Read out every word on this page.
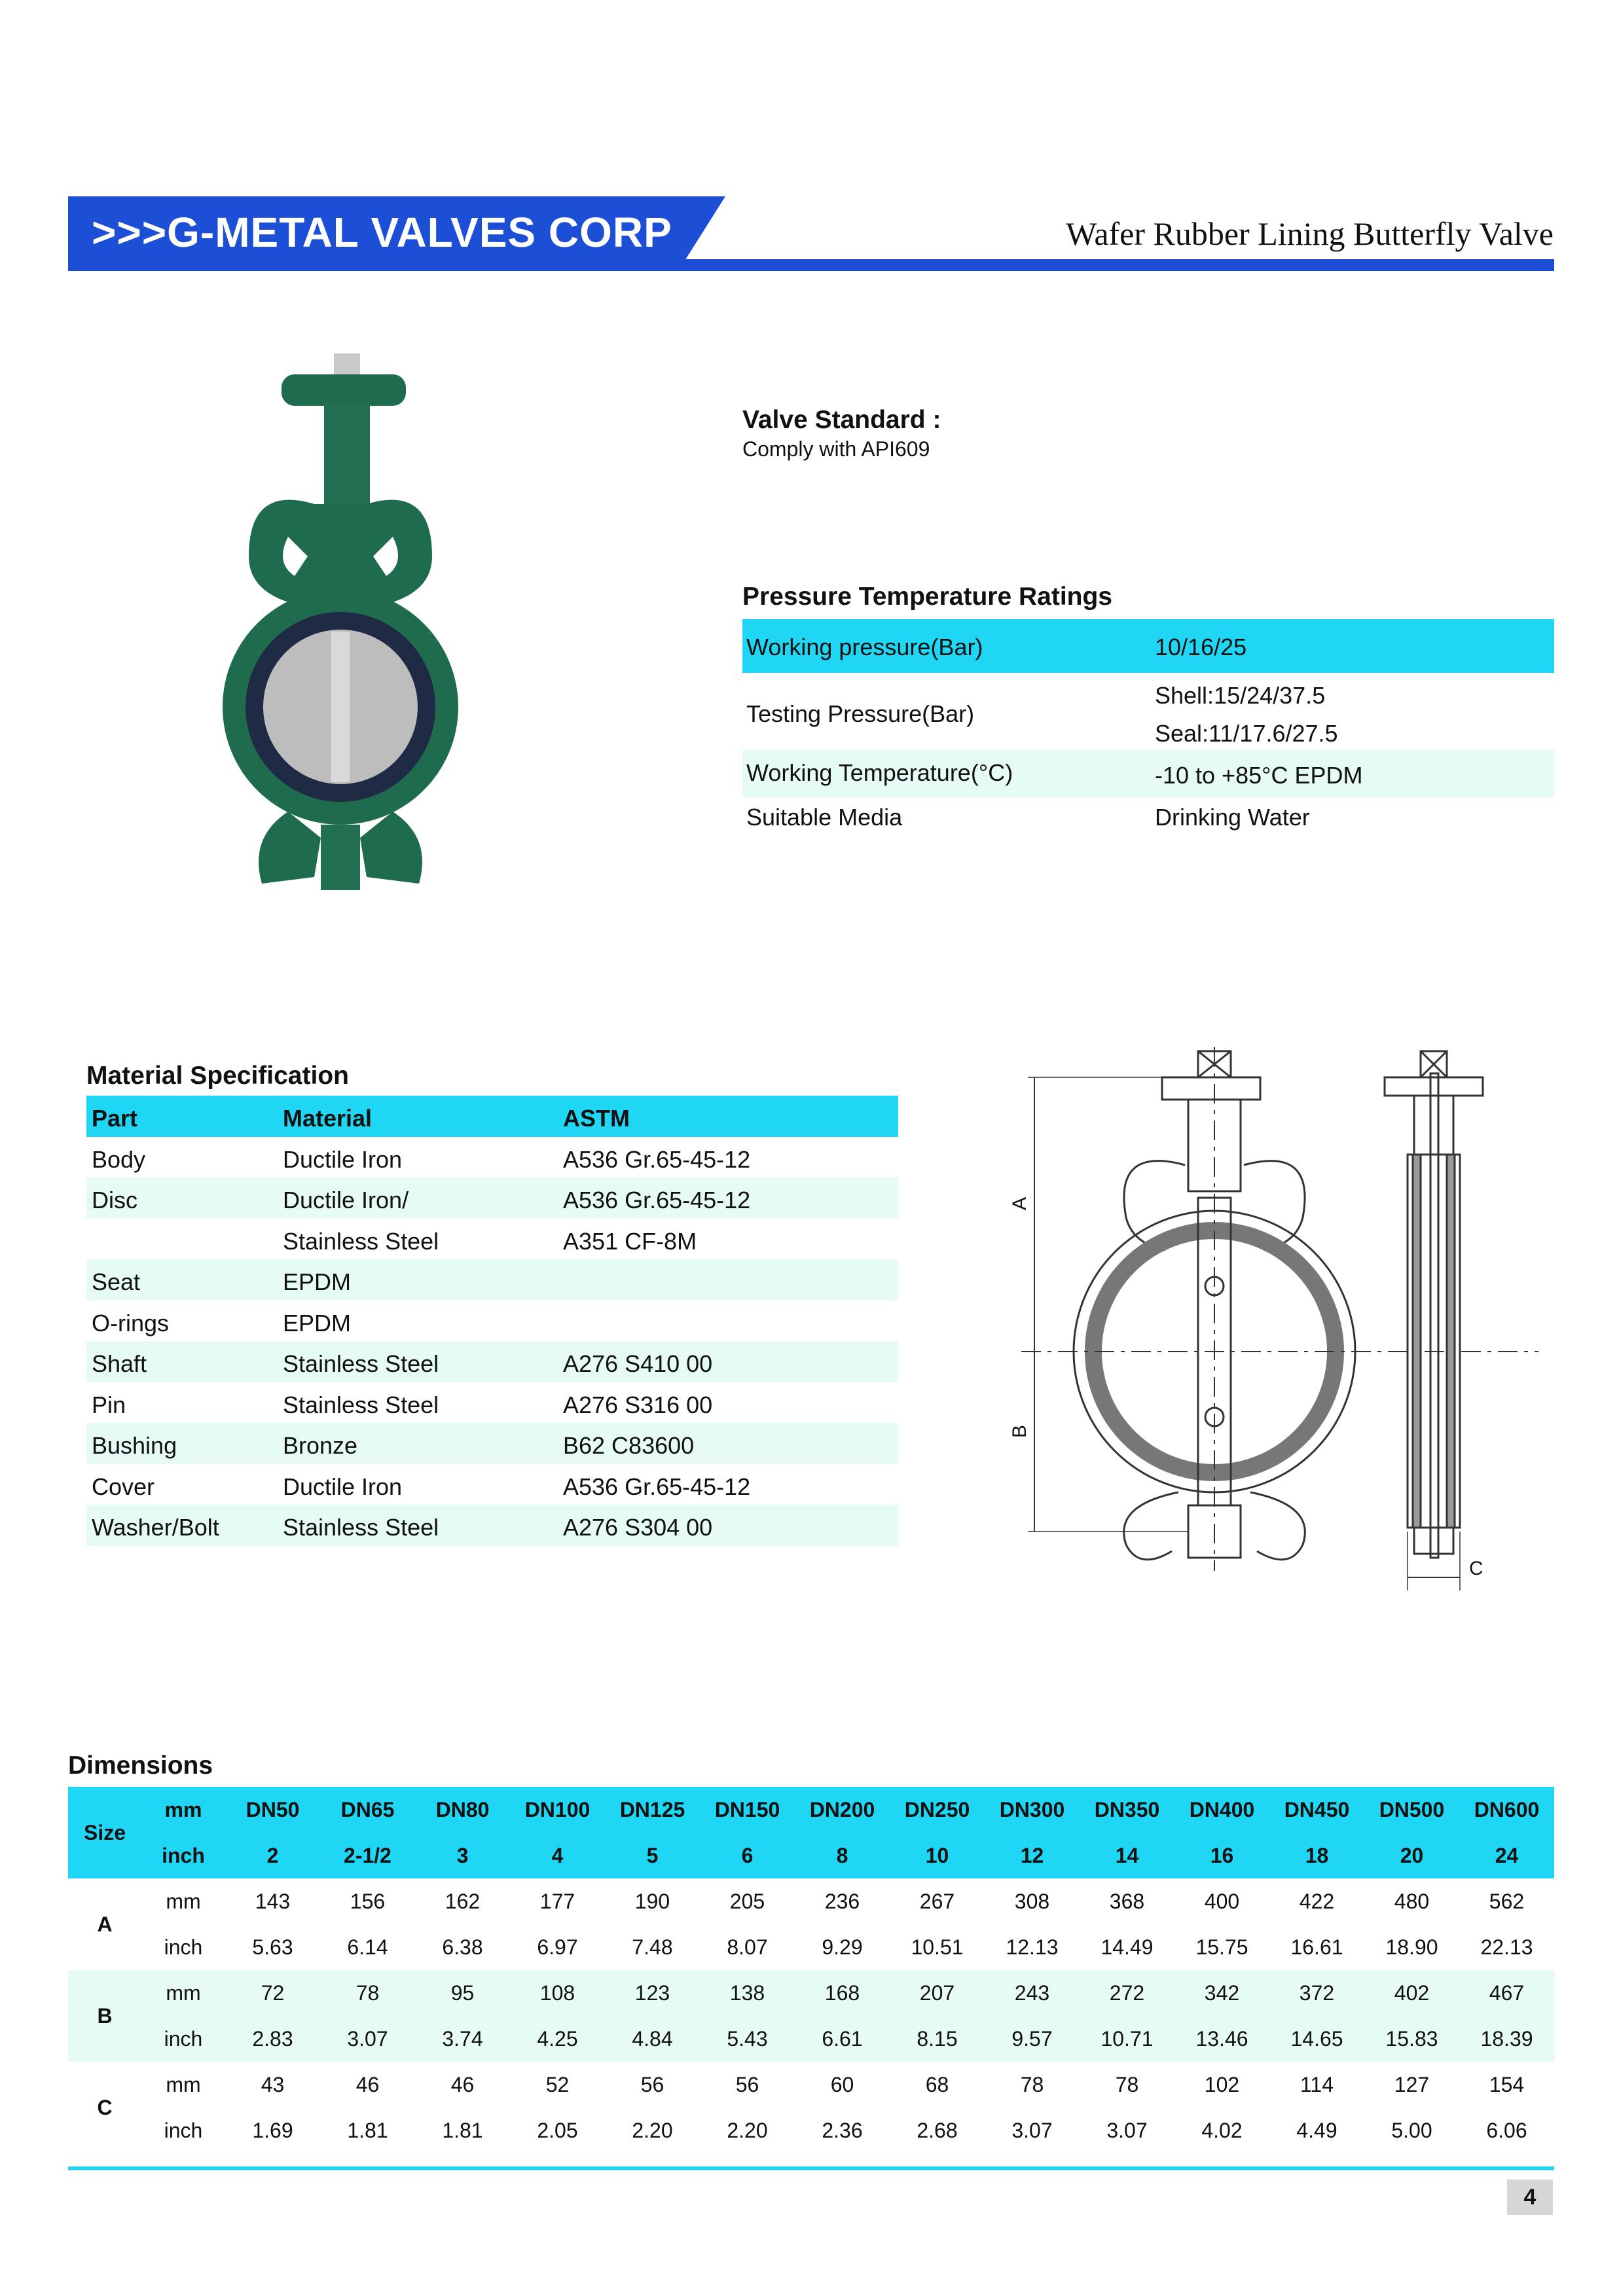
>>>G-METAL VALVES CORP	Wafer Rubber Lining Butterfly Valve
Valve Standard :
Comply with API609
Pressure Temperature Ratings
Working pressure(Bar)	10/16/25
Testing Pressure(Bar)
Shell:15/24/37.5
Seal:11/17.6/27.5
Working Temperature(°C)	-10 to +85°C EPDM
Suitable Media	Drinking Water
Material Specification
Part	Material	ASTM
Body	Ductile Iron	A536 Gr.65-45-12
Disc	Ductile Iron/	A536 Gr.65-45-12
Stainless Steel	A351 CF-8M
Seat	EPDM
O-rings	EPDM
Shaft	Stainless Steel	A276 S410 00
Pin	Stainless Steel	A276 S316 00
Bushing	Bronze	B62 C83600
Cover	Ductile Iron	A536 Gr.65-45-12
Washer/Bolt	Stainless Steel	A276 S304 00
A
B
C
Dimensions
Size	mm	DN50	DN65	DN80	DN100	DN125	DN150	DN200	DN250	DN300	DN350	DN400	DN450	DN500	DN600
	inch	2	2-1/2	3	4	5	6	8	10	12	14	16	18	20	24
A	mm	143	156	162	177	190	205	236	267	308	368	400	422	480	562
	inch	5.63	6.14	6.38	6.97	7.48	8.07	9.29	10.51	12.13	14.49	15.75	16.61	18.90	22.13
B	mm	72	78	95	108	123	138	168	207	243	272	342	372	402	467
	inch	2.83	3.07	3.74	4.25	4.84	5.43	6.61	8.15	9.57	10.71	13.46	14.65	15.83	18.39
C	mm	43	46	46	52	56	56	60	68	78	78	102	114	127	154
	inch	1.69	1.81	1.81	2.05	2.20	2.20	2.36	2.68	3.07	3.07	4.02	4.49	5.00	6.06
4
